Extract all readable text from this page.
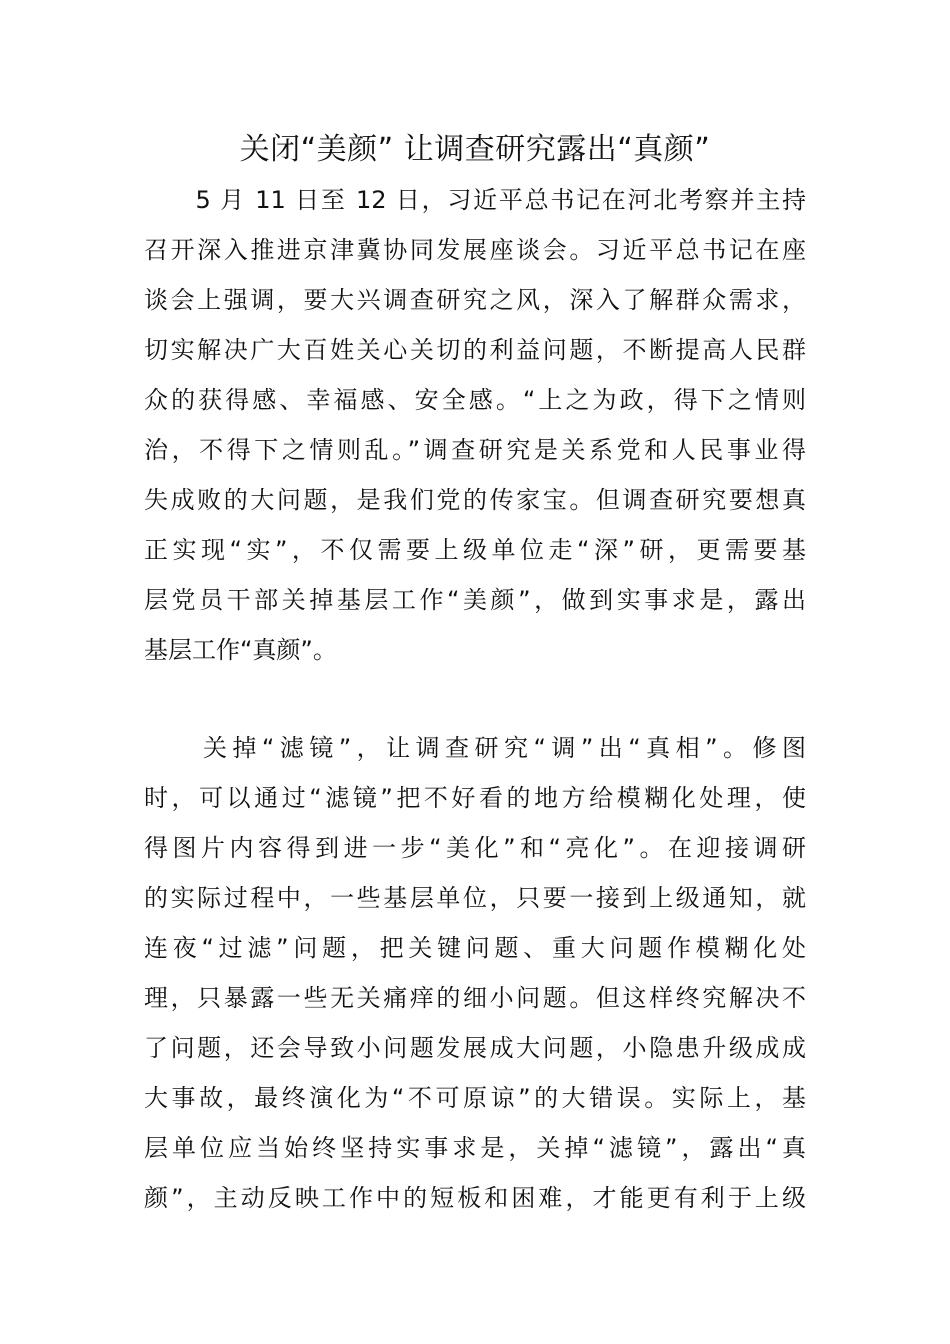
关闭“美颜” 让调查研究露出“真颜”
　　5 月 11 日至 12 日，习近平总书记在河北考察并主持
召开深入推进京津冀协同发展座谈会。习近平总书记在座
谈会上强调，要大兴调查研究之风，深入了解群众需求，
切实解决广大百姓关心关切的利益问题，不断提高人民群
众的获得感、幸福感、安全感。“上之为政，得下之情则
治，不得下之情则乱。”调查研究是关系党和人民事业得
失成败的大问题，是我们党的传家宝。但调查研究要想真
正实现“实”，不仅需要上级单位走“深”研，更需要基
层党员干部关掉基层工作“美颜”，做到实事求是，露出
基层工作“真颜”。
　　关掉“滤镜”，让调查研究“调”出“真相”。修图
时，可以通过“滤镜”把不好看的地方给模糊化处理，使
得图片内容得到进一步“美化”和“亮化”。在迎接调研
的实际过程中，一些基层单位，只要一接到上级通知，就
连夜“过滤”问题，把关键问题、重大问题作模糊化处
理，只暴露一些无关痛痒的细小问题。但这样终究解决不
了问题，还会导致小问题发展成大问题，小隐患升级成成
大事故，最终演化为“不可原谅”的大错误。实际上，基
层单位应当始终坚持实事求是，关掉“滤镜”，露出“真
颜”，主动反映工作中的短板和困难，才能更有利于上级
